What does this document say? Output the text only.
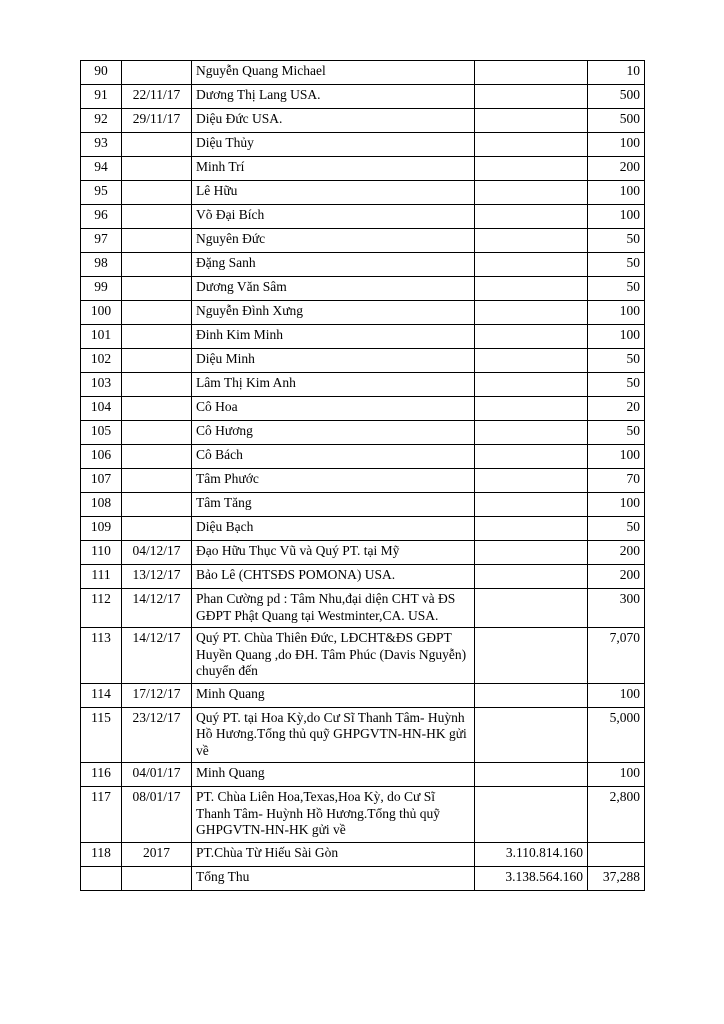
90		Nguyễn Quang Michael		10
91	22/11/17	Dương Thị Lang USA.		500
92	29/11/17	Diệu Đức USA.		500
93		Diệu Thủy		100
94		Minh Trí		200
95		Lê Hữu		100
96		Võ Đại Bích		100
97		Nguyên Đức		50
98		Đặng Sanh		50
99		Dương Văn Sâm		50
100		Nguyễn Đình Xưng		100
101		Đinh Kim Minh		100
102		Diệu Minh		50
103		Lâm Thị Kim Anh		50
104		Cô Hoa		20
105		Cô Hương		50
106		Cô Bách		100
107		Tâm Phước		70
108		Tâm Tăng		100
109		Diệu Bạch		50
110	04/12/17	Đạo Hữu Thục Vũ và Quý PT. tại Mỹ		200
111	13/12/17	Bảo Lê (CHTSĐS POMONA) USA.		200
112	14/12/17	Phan Cường pd : Tâm Nhu,đại diện CHT và ĐS GĐPT Phật Quang tại Westminter,CA. USA.		300
113	14/12/17	Quý PT. Chùa Thiên Đức, LĐCHT&ĐS GĐPT Huyền Quang ,do ĐH. Tâm Phúc (Davis Nguyễn) chuyển đến		7,070
114	17/12/17	Minh Quang		100
115	23/12/17	Quý PT. tại Hoa Kỳ,do Cư Sĩ Thanh Tâm- Huỳnh Hồ Hương.Tổng thủ quỹ GHPGVTN-HN-HK gửi về		5,000
116	04/01/17	Minh Quang		100
117	08/01/17	PT. Chùa Liên Hoa,Texas,Hoa Kỳ, do Cư Sĩ Thanh Tâm- Huỳnh Hồ Hương.Tổng thủ quỹ GHPGVTN-HN-HK gửi về		2,800
118	2017	PT.Chùa Từ Hiếu Sài Gòn	3.110.814.160	
		Tổng Thu	3.138.564.160	37,288
